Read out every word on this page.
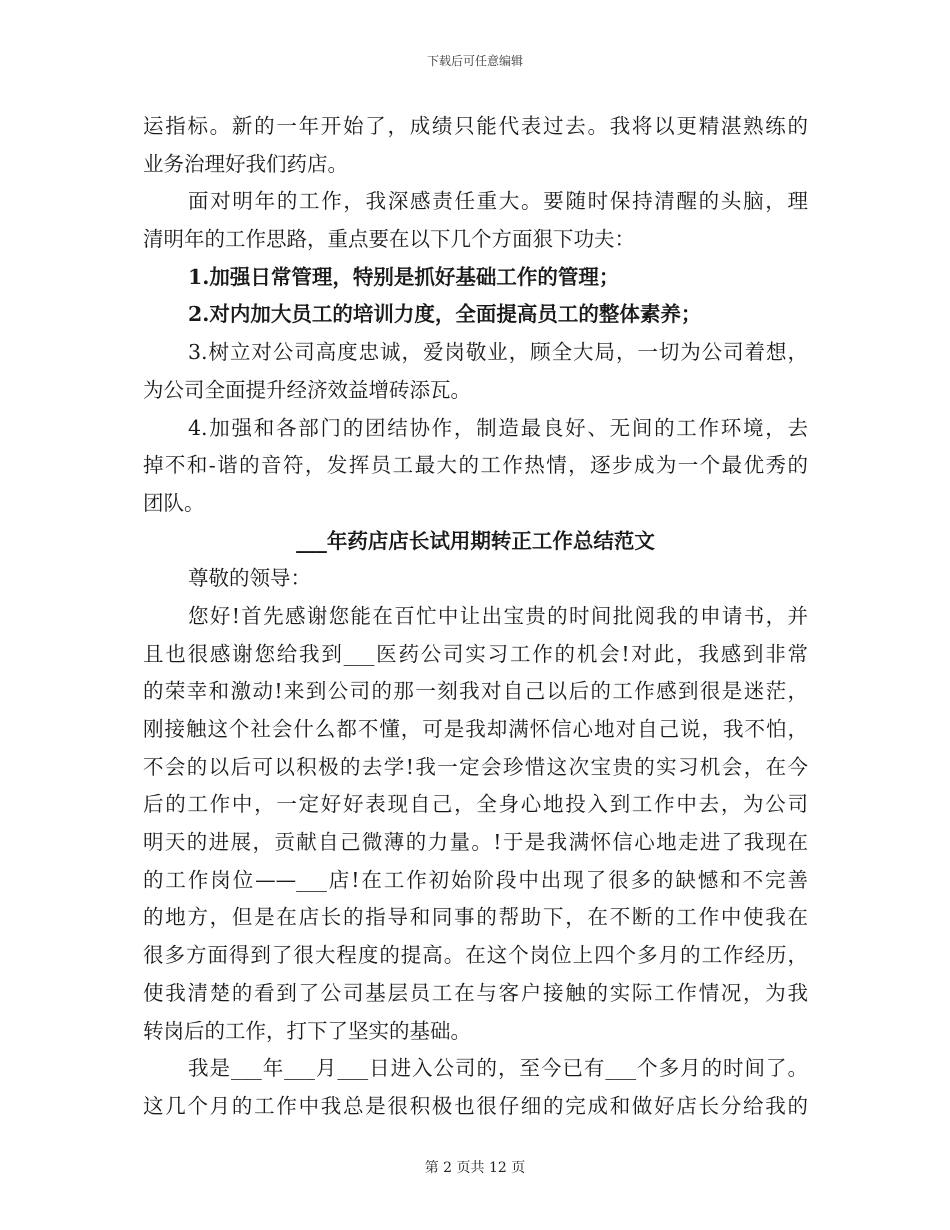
下载后可任意编辑
运指标。新的一年开始了，成绩只能代表过去。我将以更精湛熟练的
业务治理好我们药店。
面对明年的工作，我深感责任重大。要随时保持清醒的头脑，理
清明年的工作思路，重点要在以下几个方面狠下功夫：
1.加强日常管理，特别是抓好基础工作的管理；
2.对内加大员工的培训力度，全面提高员工的整体素养；
3.树立对公司高度忠诚，爱岗敬业，顾全大局，一切为公司着想，
为公司全面提升经济效益增砖添瓦。
4.加强和各部门的团结协作，制造最良好、无间的工作环境，去
掉不和-谐的音符，发挥员工最大的工作热情，逐步成为一个最优秀的
团队。
___年药店店长试用期转正工作总结范文
尊敬的领导：
您好!首先感谢您能在百忙中让出宝贵的时间批阅我的申请书，并
且也很感谢您给我到___医药公司实习工作的机会!对此，我感到非常
的荣幸和激动!来到公司的那一刻我对自己以后的工作感到很是迷茫，
刚接触这个社会什么都不懂，可是我却满怀信心地对自己说，我不怕，
不会的以后可以积极的去学!我一定会珍惜这次宝贵的实习机会，在今
后的工作中，一定好好表现自己，全身心地投入到工作中去，为公司
明天的进展，贡献自己微薄的力量。!于是我满怀信心地走进了我现在
的工作岗位——___店!在工作初始阶段中出现了很多的缺憾和不完善
的地方，但是在店长的指导和同事的帮助下，在不断的工作中使我在
很多方面得到了很大程度的提高。在这个岗位上四个多月的工作经历，
使我清楚的看到了公司基层员工在与客户接触的实际工作情况，为我
转岗后的工作，打下了坚实的基础。
我是___年___月___日进入公司的，至今已有___个多月的时间了。
这几个月的工作中我总是很积极也很仔细的完成和做好店长分给我的
第 2 页共 12 页
